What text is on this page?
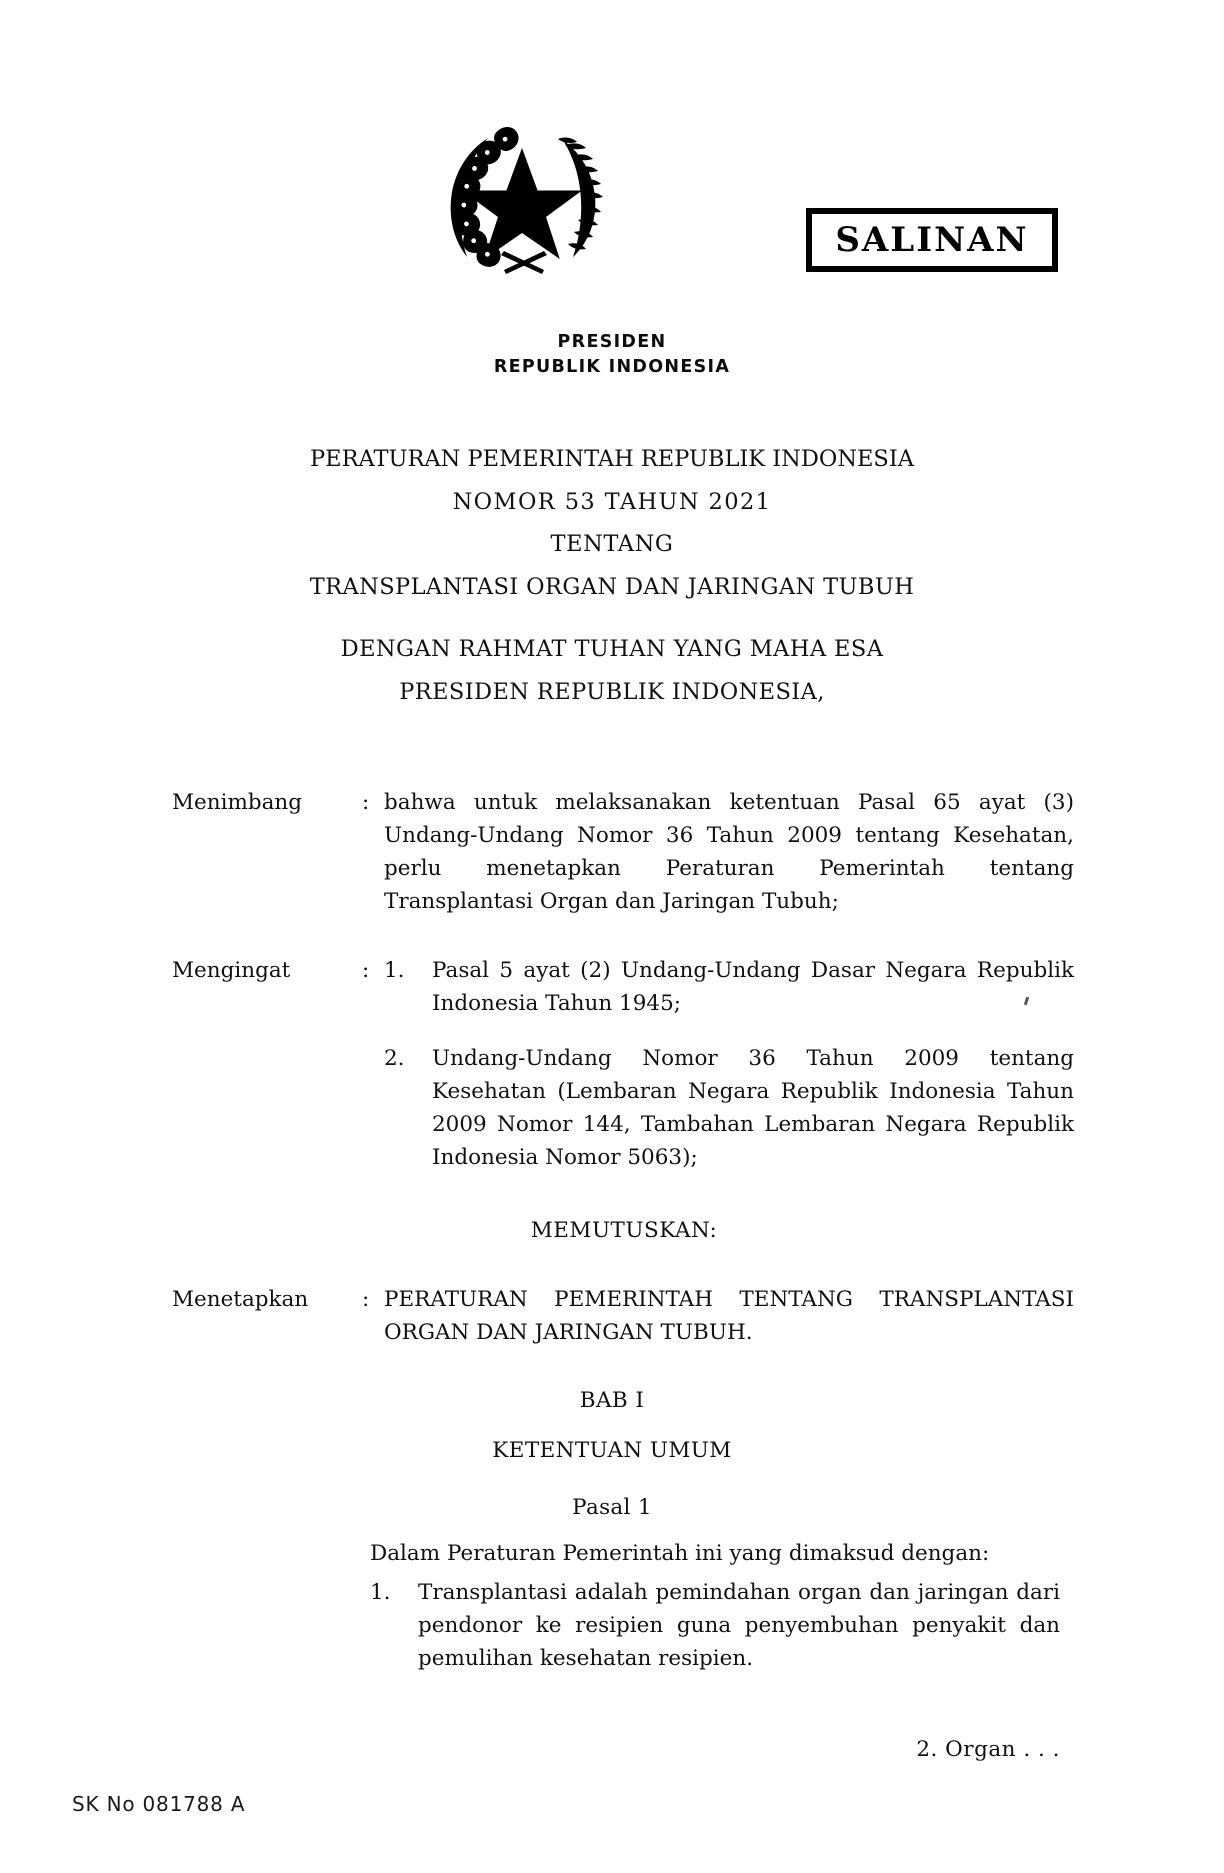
SALINAN
PRESIDEN
REPUBLIK INDONESIA
PERATURAN PEMERINTAH REPUBLIK INDONESIA
NOMOR 53 TAHUN 2021
TENTANG
TRANSPLANTASI ORGAN DAN JARINGAN TUBUH
DENGAN RAHMAT TUHAN YANG MAHA ESA
PRESIDEN REPUBLIK INDONESIA,
Menimbang	: bahwa untuk melaksanakan ketentuan Pasal 65 ayat (3) Undang-Undang Nomor 36 Tahun 2009 tentang Kesehatan, perlu menetapkan Peraturan Pemerintah tentang Transplantasi Organ dan Jaringan Tubuh;

Mengingat	: 1.	Pasal 5 ayat (2) Undang-Undang Dasar Negara Republik Indonesia Tahun 1945;
2.	Undang-Undang Nomor 36 Tahun 2009 tentang Kesehatan (Lembaran Negara Republik Indonesia Tahun 2009 Nomor 144, Tambahan Lembaran Negara Republik Indonesia Nomor 5063);
MEMUTUSKAN:
Menetapkan	: PERATURAN PEMERINTAH TENTANG TRANSPLANTASI ORGAN DAN JARINGAN TUBUH.

BAB I
KETENTUAN UMUM
Pasal 1

Dalam Peraturan Pemerintah ini yang dimaksud dengan:

1.	Transplantasi adalah pemindahan organ dan jaringan dari pendonor ke resipien guna penyembuhan penyakit dan pemulihan kesehatan resipien.
2. Organ . . .
SK No 081788 A
